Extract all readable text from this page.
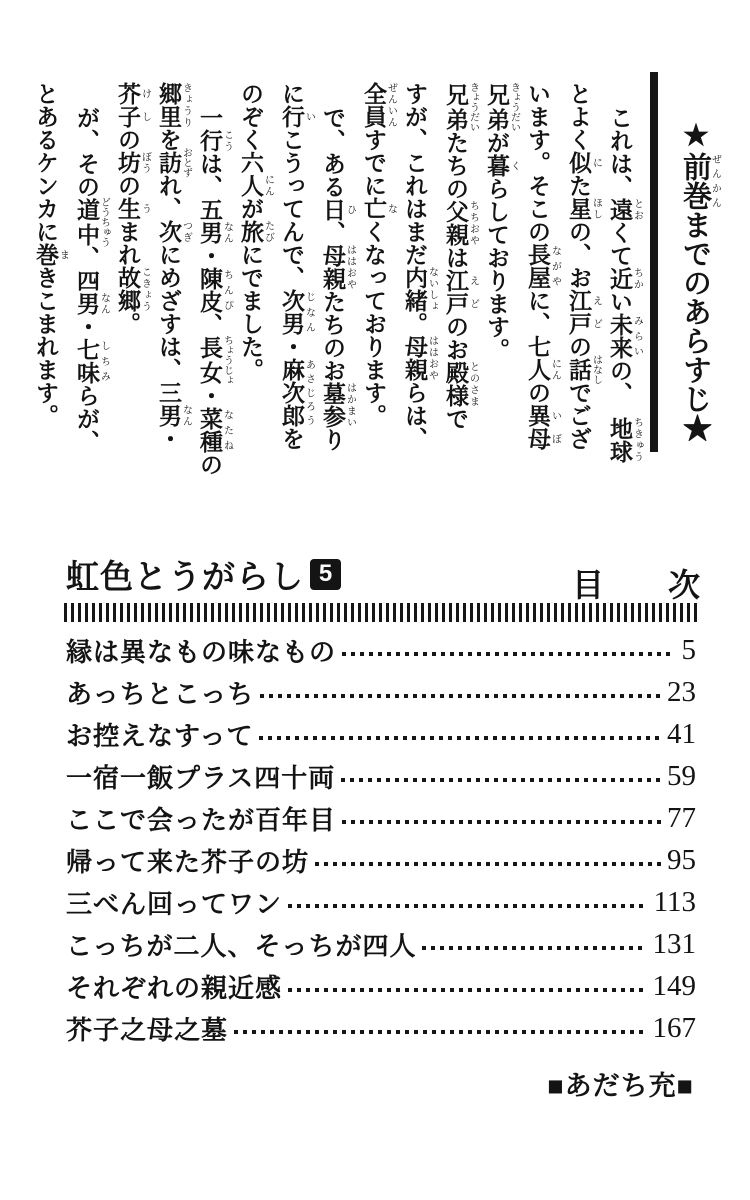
★前巻ぜんかんまでのあらすじ★
これは、遠とおくて近ちかい未来みらいの、　地球ちきゅう
とよく似にた星ほしの、お江戸えどの話はなしでござ
います。そこの長屋ながやに、七人にんの異母いぼ
兄弟きょうだいが暮くらしております。
兄弟きょうだいたちの父親ちちおやは江戸えどのお殿様とのさまで
すが、これはまだ内緒ないしょ。母親ははおやらは、
全員ぜんいんすでに亡なくなっております。
で、ある日ひ、母親ははおやたちのお墓参はかまいり
に行いこうってんで、次男じなん・麻次郎あさじろうを
のぞく六人にんが旅たびにでました。
一行こうは、五男なん・陳皮ちんぴ、長女ちょうじょ・菜種なたねの
郷里きょうりを訪おとずれ、次つぎにめざすは、三男なん・
芥子けしの坊ぼうの生うまれ故郷こきょう。
が、その道中どうちゅう、四男なん・七味しちみらが、
とあるケンカに巻まきこまれます。
虹色とうがらし 5	目　　次
縁は異なもの味なもの	5
あっちとこっち	23
お控えなすって	41
一宿一飯プラス四十両	59
ここで会ったが百年目	77
帰って来た芥子の坊	95
三べん回ってワン	113
こっちが二人、そっちが四人	131
それぞれの親近感	149
芥子之母之墓	167
■あだち充■
